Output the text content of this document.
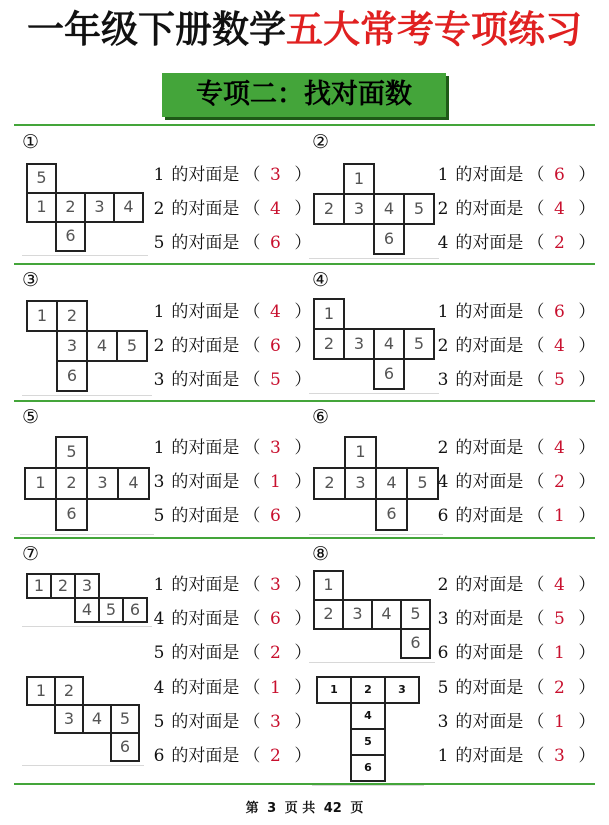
一年级下册数学五大常考专项练习
专项二：找对面数
①
5
1	2	3	4
6
1 的对面是 （ 3 ）
2 的对面是 （ 4 ）
5 的对面是 （ 6 ）
②
1
2	3	4	5
6
1 的对面是 （ 6 ）
2 的对面是 （ 4 ）
4 的对面是 （ 2 ）
③
1	2
3	4	5
6
1 的对面是 （ 4 ）
2 的对面是 （ 6 ）
3 的对面是 （ 5 ）
④
1
2	3	4	5
6
1 的对面是 （ 6 ）
2 的对面是 （ 4 ）
3 的对面是 （ 5 ）
⑤
5
1	2	3	4
6
1 的对面是 （ 3 ）
3 的对面是 （ 1 ）
5 的对面是 （ 6 ）
⑥
1
2	3	4	5
6
2 的对面是 （ 4 ）
4 的对面是 （ 2 ）
6 的对面是 （ 1 ）
⑦
1 2 3
4 5 6
1 的对面是 （ 3 ）
4 的对面是 （ 6 ）
5 的对面是 （ 2 ）
⑧
1
2	3	4	5
6
2 的对面是 （ 4 ）
3 的对面是 （ 5 ）
6 的对面是 （ 1 ）
1	2
3	4	5
6
4 的对面是 （ 1 ）
5 的对面是 （ 3 ）
6 的对面是 （ 2 ）
1	2	3
4
5
6
5 的对面是 （ 2 ）
3 的对面是 （ 1 ）
1 的对面是 （ 3 ）
第 3 页 共 42 页
